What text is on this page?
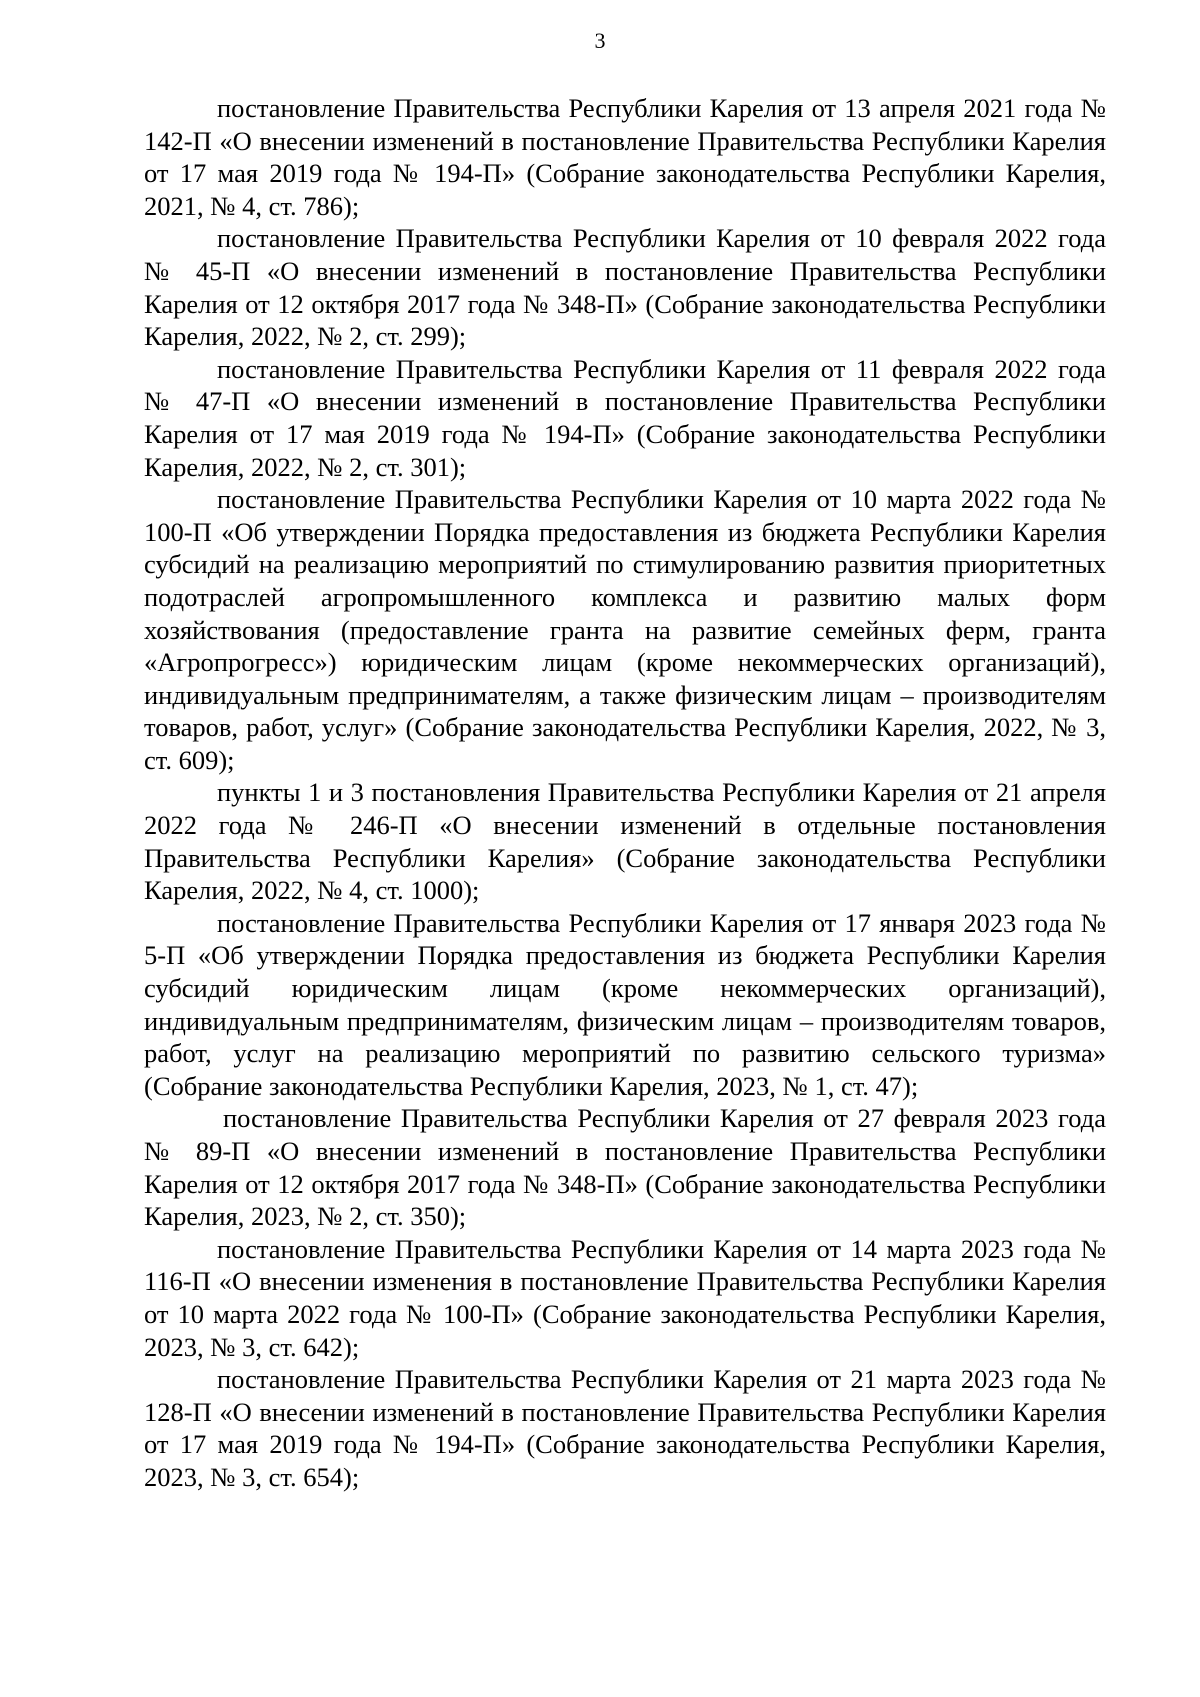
3

постановление Правительства Республики Карелия от 13 апреля 2021 года № 142-П «О внесении изменений в постановление Правительства Республики Карелия от 17 мая 2019 года № 194-П» (Собрание законодательства Республики Карелия, 2021, № 4, ст. 786);

постановление Правительства Республики Карелия от 10 февраля 2022 года № 45-П «О внесении изменений в постановление Правительства Республики Карелия от 12 октября 2017 года № 348-П» (Собрание законодательства Республики Карелия, 2022, № 2, ст. 299);

постановление Правительства Республики Карелия от 11 февраля 2022 года № 47-П «О внесении изменений в постановление Правительства Республики Карелия от 17 мая 2019 года № 194-П» (Собрание законодательства Республики Карелия, 2022, № 2, ст. 301);

постановление Правительства Республики Карелия от 10 марта 2022 года № 100-П «Об утверждении Порядка предоставления из бюджета Республики Карелия субсидий на реализацию мероприятий по стимулированию развития приоритетных подотраслей агропромышленного комплекса и развитию малых форм хозяйствования (предоставление гранта на развитие семейных ферм, гранта «Агропрогресс») юридическим лицам (кроме некоммерческих организаций), индивидуальным предпринимателям, а также физическим лицам – производителям товаров, работ, услуг» (Собрание законодательства Республики Карелия, 2022, № 3, ст. 609);

пункты 1 и 3 постановления Правительства Республики Карелия от 21 апреля 2022 года № 246-П «О внесении изменений в отдельные постановления Правительства Республики Карелия» (Собрание законодательства Республики Карелия, 2022, № 4, ст. 1000);

постановление Правительства Республики Карелия от 17 января 2023 года № 5-П «Об утверждении Порядка предоставления из бюджета Республики Карелия субсидий юридическим лицам (кроме некоммерческих организаций), индивидуальным предпринимателям, физическим лицам – производителям товаров, работ, услуг на реализацию мероприятий по развитию сельского туризма» (Собрание законодательства Республики Карелия, 2023, № 1, ст. 47);

постановление Правительства Республики Карелия от 27 февраля 2023 года № 89-П «О внесении изменений в постановление Правительства Республики Карелия от 12 октября 2017 года № 348-П» (Собрание законодательства Республики Карелия, 2023, № 2, ст. 350);

постановление Правительства Республики Карелия от 14 марта 2023 года № 116-П «О внесении изменения в постановление Правительства Республики Карелия от 10 марта 2022 года № 100-П» (Собрание законодательства Республики Карелия, 2023, № 3, ст. 642);

постановление Правительства Республики Карелия от 21 марта 2023 года № 128-П «О внесении изменений в постановление Правительства Республики Карелия от 17 мая 2019 года № 194-П» (Собрание законодательства Республики Карелия, 2023, № 3, ст. 654);
